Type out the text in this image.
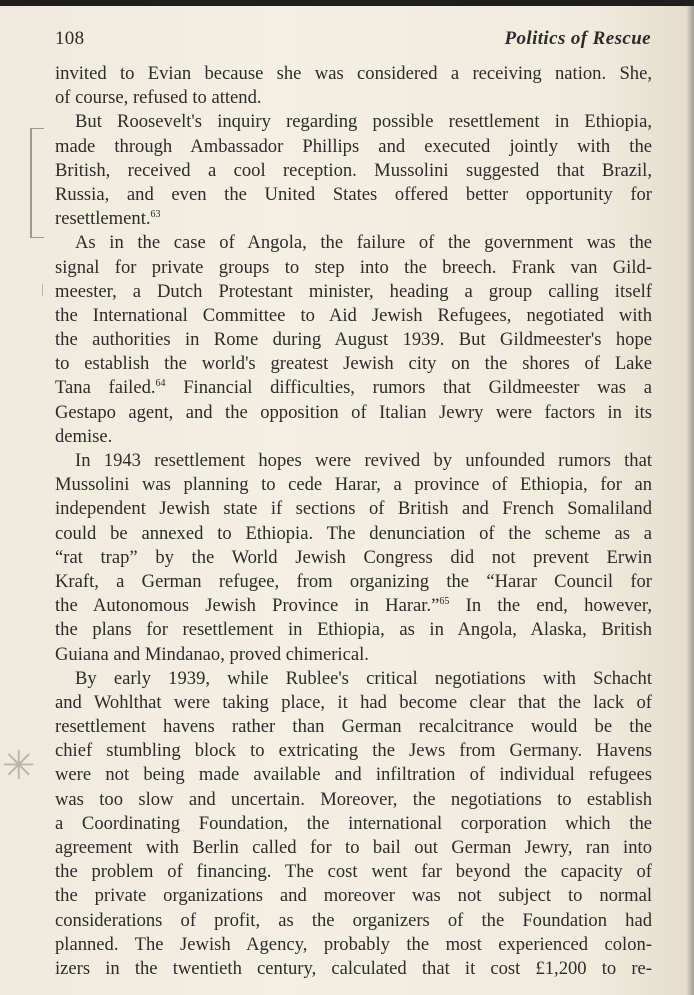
108	Politics of Rescue
✳
invited to Evian because she was considered a receiving nation. She,
of course, refused to attend.
But Roosevelt's inquiry regarding possible resettlement in Ethiopia,
made through Ambassador Phillips and executed jointly with the
British, received a cool reception. Mussolini suggested that Brazil,
Russia, and even the United States offered better opportunity for
resettlement.$^{63}$
As in the case of Angola, the failure of the government was the
signal for private groups to step into the breech. Frank van Gild-
meester, a Dutch Protestant minister, heading a group calling itself
the International Committee to Aid Jewish Refugees, negotiated with
the authorities in Rome during August 1939. But Gildmeester's hope
to establish the world's greatest Jewish city on the shores of Lake
Tana failed.$^{64}$ Financial difficulties, rumors that Gildmeester was a
Gestapo agent, and the opposition of Italian Jewry were factors in its
demise.
In 1943 resettlement hopes were revived by unfounded rumors that
Mussolini was planning to cede Harar, a province of Ethiopia, for an
independent Jewish state if sections of British and French Somaliland
could be annexed to Ethiopia. The denunciation of the scheme as a
“rat trap” by the World Jewish Congress did not prevent Erwin
Kraft, a German refugee, from organizing the “Harar Council for
the Autonomous Jewish Province in Harar.”$^{65}$ In the end, however,
the plans for resettlement in Ethiopia, as in Angola, Alaska, British
Guiana and Mindanao, proved chimerical.
By early 1939, while Rublee's critical negotiations with Schacht
and Wohlthat were taking place, it had become clear that the lack of
resettlement havens rather than German recalcitrance would be the
chief stumbling block to extricating the Jews from Germany. Havens
were not being made available and infiltration of individual refugees
was too slow and uncertain. Moreover, the negotiations to establish
a Coordinating Foundation, the international corporation which the
agreement with Berlin called for to bail out German Jewry, ran into
the problem of financing. The cost went far beyond the capacity of
the private organizations and moreover was not subject to normal
considerations of profit, as the organizers of the Foundation had
planned. The Jewish Agency, probably the most experienced colon-
izers in the twentieth century, calculated that it cost £1,200 to re-
